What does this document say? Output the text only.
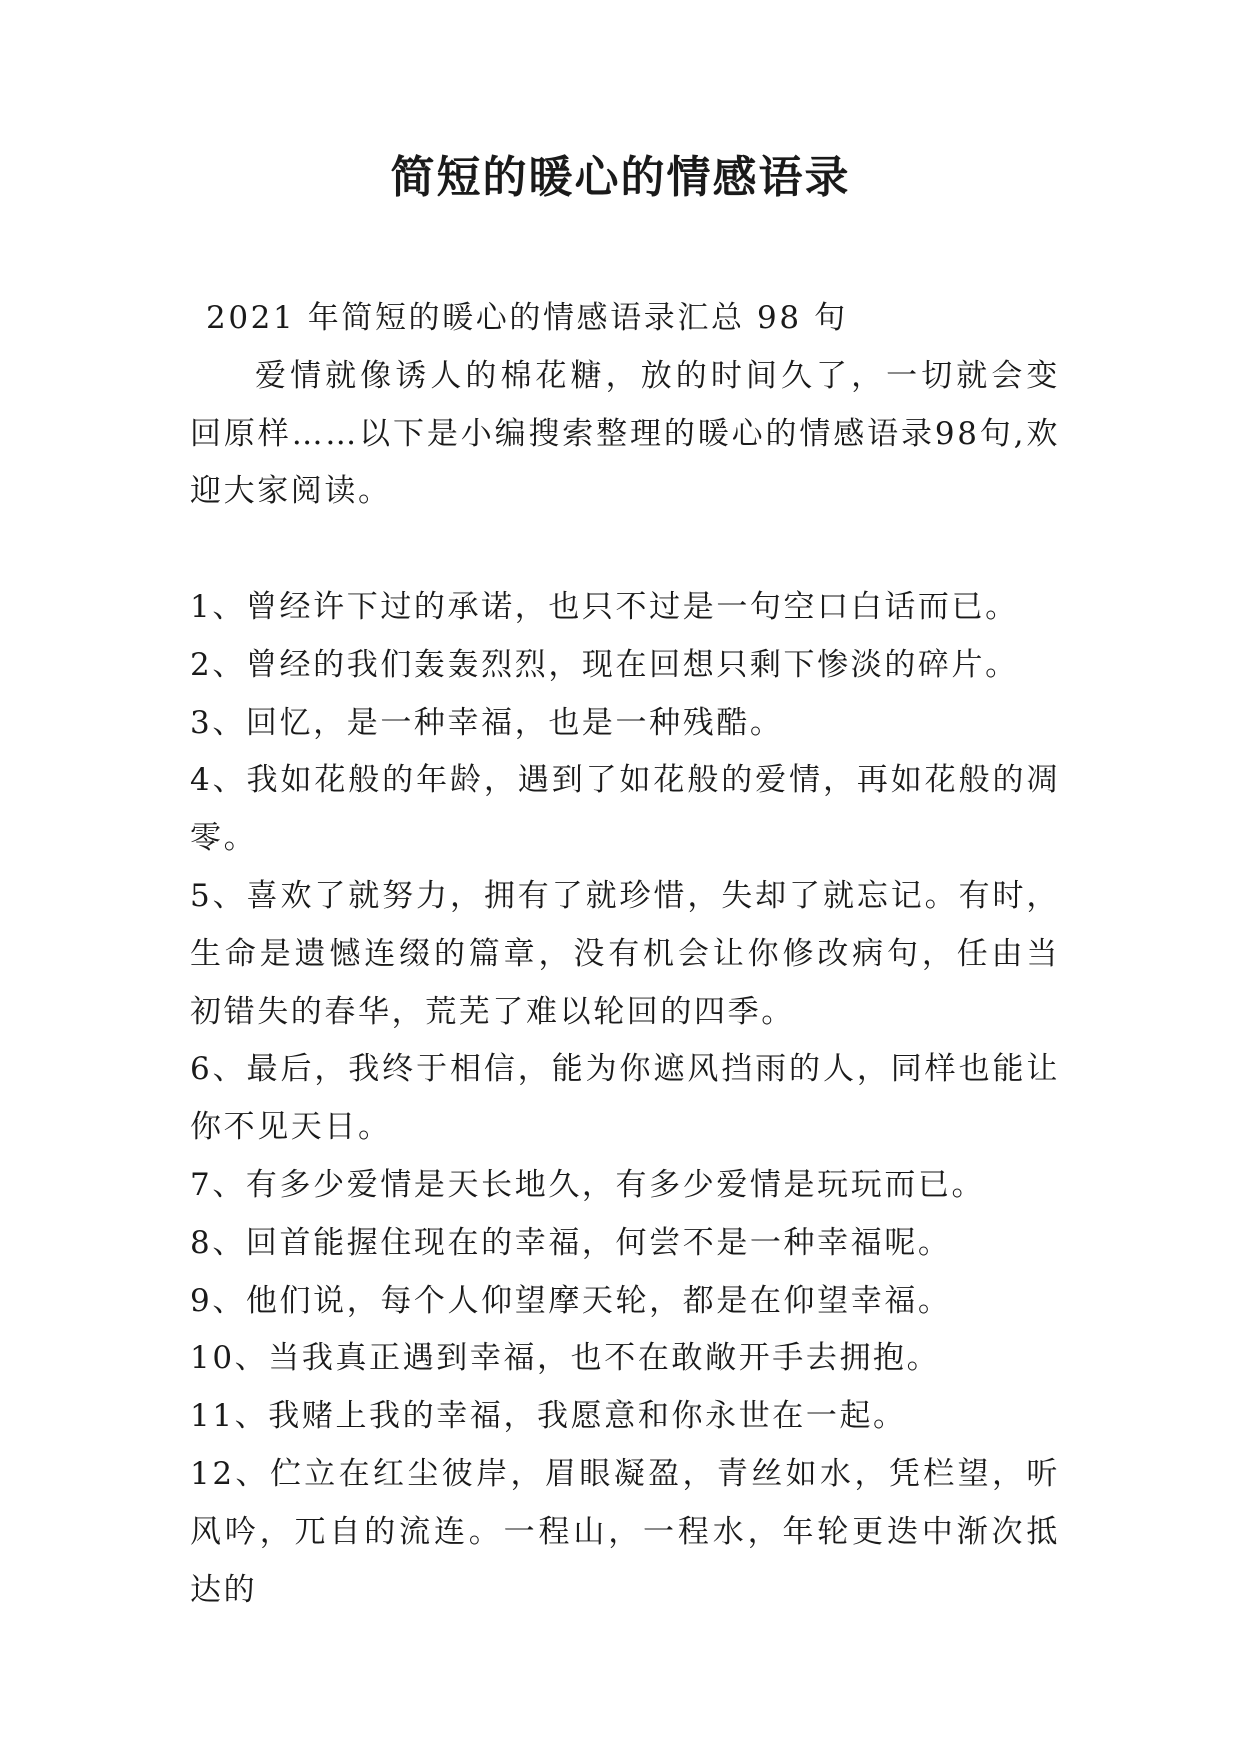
简短的暖心的情感语录

2021 年简短的暖心的情感语录汇总 98 句

爱情就像诱人的棉花糖，放的时间久了，一切就会变回原样……以下是小编搜索整理的暖心的情感语录98句,欢迎大家阅读。

1、曾经许下过的承诺，也只不过是一句空口白话而已。
2、曾经的我们轰轰烈烈，现在回想只剩下惨淡的碎片。
3、回忆，是一种幸福，也是一种残酷。
4、我如花般的年龄，遇到了如花般的爱情，再如花般的凋零。
5、喜欢了就努力，拥有了就珍惜，失却了就忘记。有时，生命是遗憾连缀的篇章，没有机会让你修改病句，任由当初错失的春华，荒芜了难以轮回的四季。
6、最后，我终于相信，能为你遮风挡雨的人，同样也能让你不见天日。
7、有多少爱情是天长地久，有多少爱情是玩玩而已。
8、回首能握住现在的幸福，何尝不是一种幸福呢。
9、他们说，每个人仰望摩天轮，都是在仰望幸福。
10、当我真正遇到幸福，也不在敢敞开手去拥抱。
11、我赌上我的幸福，我愿意和你永世在一起。
12、伫立在红尘彼岸，眉眼凝盈，青丝如水，凭栏望，听风吟，兀自的流连。一程山，一程水，年轮更迭中渐次抵达的
